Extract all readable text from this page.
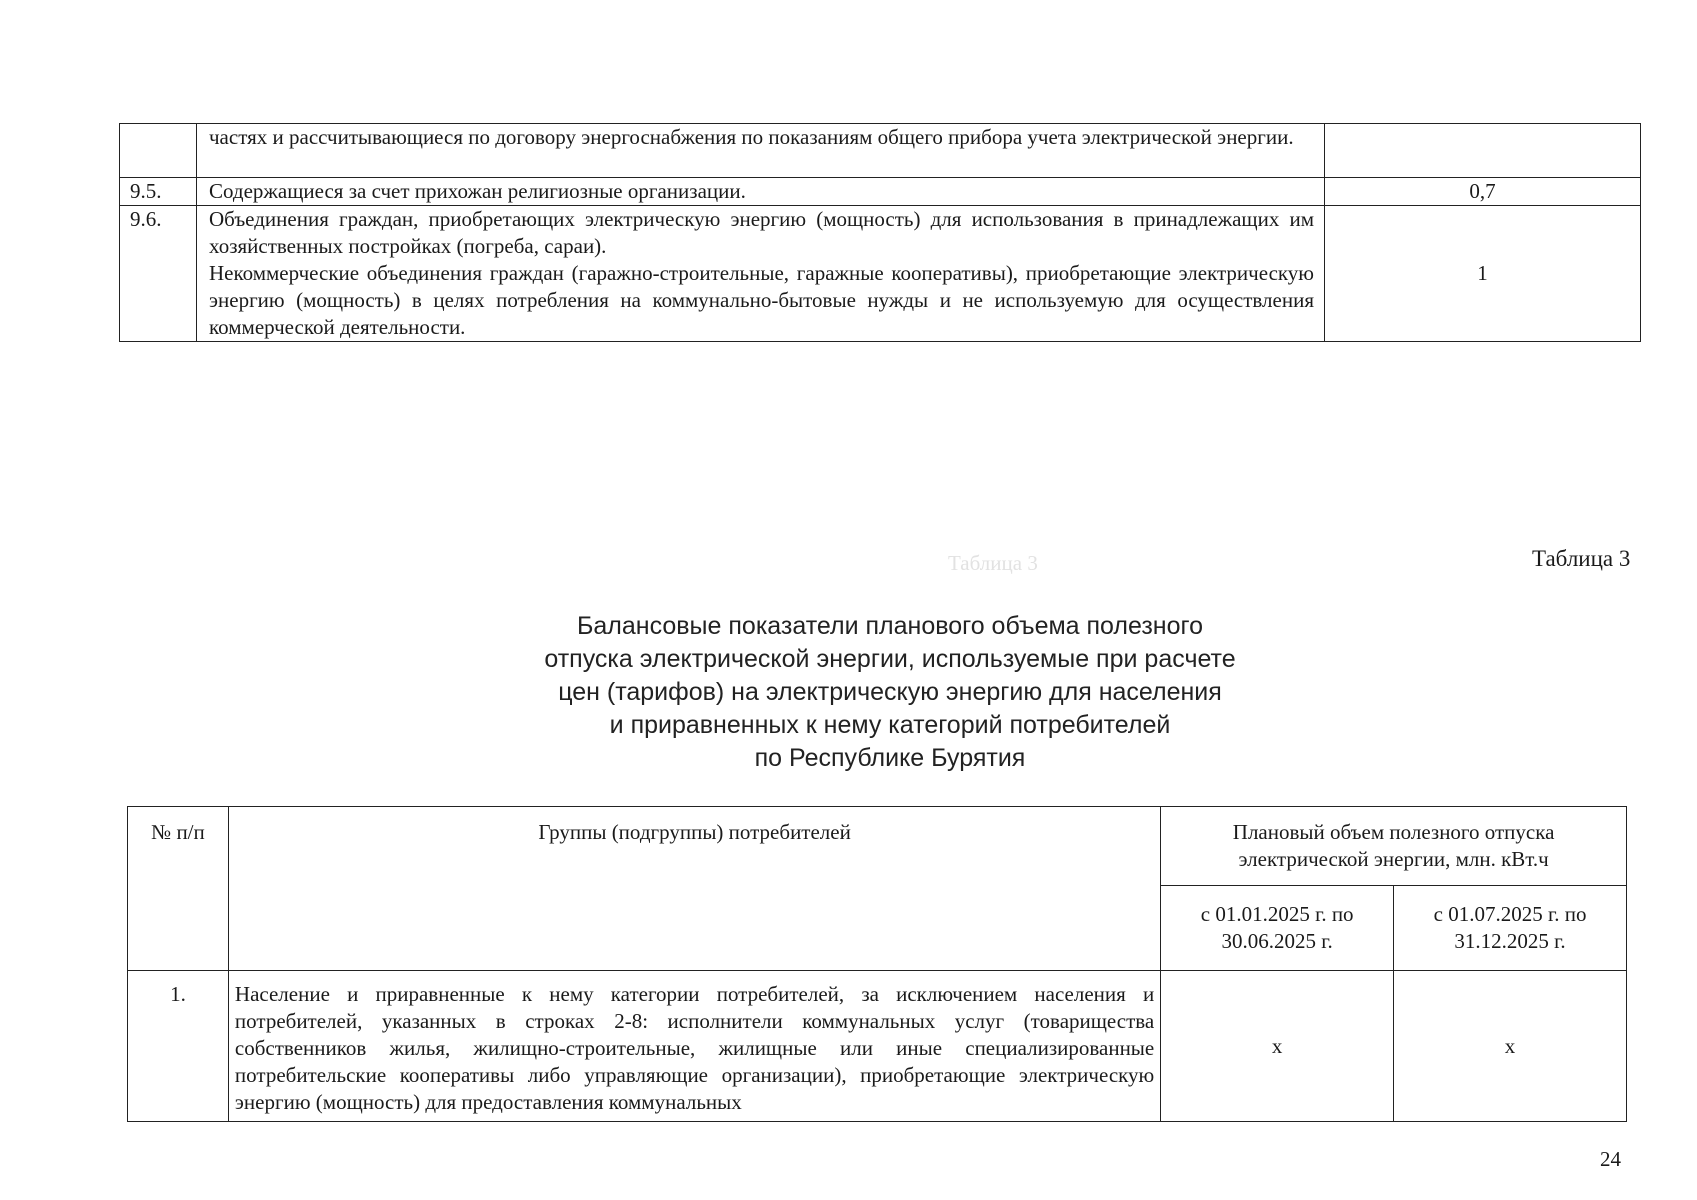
	частях и рассчитывающиеся по договору энергоснабжения по показаниям общего прибора учета электрической энергии.	
9.5.	Содержащиеся за счет прихожан религиозные организации.	0,7
9.6.	Объединения граждан, приобретающих электрическую энергию (мощность) для использования в принадлежащих им хозяйственных постройках (погреба, сараи).

Некоммерческие объединения граждан (гаражно-строительные, гаражные кооперативы), приобретающие электрическую энергию (мощность) в целях потребления на коммунально-бытовые нужды и не используемую для осуществления коммерческой деятельности.	1
Таблица 3	Таблица 3
Балансовые показатели планового объема полезного
отпуска электрической энергии, используемые при расчете
цен (тарифов) на электрическую энергию для населения
и приравненных к нему категорий потребителей
по Республике Бурятия
№ п/п	Группы (подгруппы) потребителей	Плановый объем полезного отпуска электрической энергии, млн. кВт.ч	
		с 01.01.2025 г. по 30.06.2025 г.	с 01.07.2025 г. по 31.12.2025 г.
1.	Население и приравненные к нему категории потребителей, за исключением населения и потребителей, указанных в строках 2-8: исполнители коммунальных услуг (товарищества собственников жилья, жилищно-строительные, жилищные или иные специализированные потребительские кооперативы либо управляющие организации), приобретающие электрическую энергию (мощность) для предоставления коммунальных	х	х
24
